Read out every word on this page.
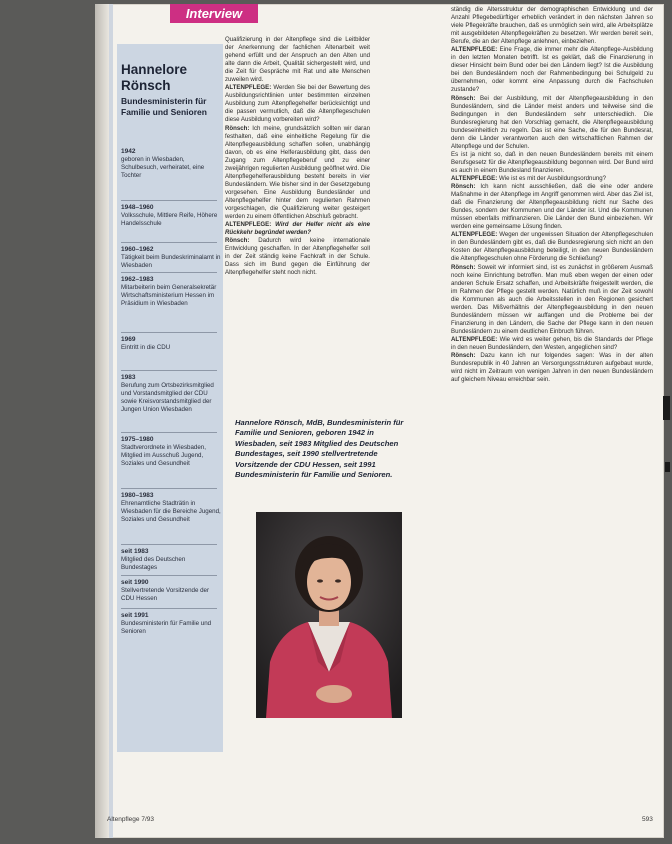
Interview
Hannelore
Rönsch
Bundesministerin für Familie und Senioren
1942
geboren in Wiesbaden, Schulbesuch, verheiratet, eine Tochter
1948–1960
Volksschule, Mittlere Reife, Höhere Handelsschule
1960–1962
Tätigkeit beim Bundeskriminalamt in Wiesbaden
1962–1983
Mitarbeiterin beim Generalsekretär Wirtschaftsministerium Hessen im Präsidium in Wiesbaden
1969
Eintritt in die CDU
1983
Berufung zum Ortsbezirksmitglied und Vorstandsmitglied der CDU sowie Kreisvorstandsmitglied der Jungen Union Wiesbaden
1975–1980
Stadtverordnete in Wiesbaden, Mitglied im Ausschuß Jugend, Soziales und Gesundheit
1980–1983
Ehrenamtliche Stadträtin in Wiesbaden für die Bereiche Jugend, Soziales und Gesundheit
seit 1983
Mitglied des Deutschen Bundestages
seit 1990
Stellvertretende Vorsitzende der CDU Hessen
seit 1991
Bundesministerin für Familie und Senioren

Qualifizierung in der Altenpflege sind die Leitbilder der Anerkennung der fachlichen Altenarbeit weit gehend erfüllt und der Anspruch an den Alten und alte dann die Arbeit, Qualität sichergestellt wird, und die Zeit für Gespräche mit Rat und alte Menschen zuweilen wird.

ALTENPFLEGE: Werden Sie bei der Bewertung des Ausbildungsrichtlinien unter bestimmten einzelnen Ausbildung zum Altenpflegehelfer berücksichtigt und die passen vermutlich, daß die Altenpflegeschulen diese Ausbildung vorbereiten wird?

Rönsch: Ich meine, grundsätzlich sollten wir daran festhalten, daß eine einheitliche Regelung für die Altenpflegeausbildung schaffen sollen, unabhängig davon, ob es eine Helferausbildung gibt, dass den Zugang zum Altenpflegeberuf und zu einer zweijährigen regulierten Ausbildung geöffnet wird. Die Altenpflegehelferausbildung besteht bereits in vier Bundesländern. Wie bisher sind in der Gesetzgebung vorgesehen. Eine Ausbildung Bundesländer und Altenpflegehelfer hinter dem regulierten Rahmen vorgeschlagen, die Qualifizierung weiter gesteigert werden zu einem öffentlichen Abschluß gebracht.

ALTENPFLEGE: Wird der Helfer nicht als eine Rückkehr begründet werden?

Rönsch: Dadurch wird keine internationale Entwicklung geschaffen. In der Altenpflegehelfer soll in der Zeit ständig keine Fachkraft in der Schule. Dass sich im Bund gegen die Einführung der Altenpflegehelfer steht noch nicht.

Hannelore Rönsch, MdB, Bundesministerin für Familie und Senioren, geboren 1942 in Wiesbaden, seit 1983 Mitglied des Deutschen Bundestages, seit 1990 stellvertretende Vorsitzende der CDU Hessen, seit 1991 Bundesministerin für Familie und Senioren.

ständig die Altersstruktur der demographischen Entwicklung und der Anzahl Pflegebedürftiger erheblich verändert in den nächsten Jahren so viele Pflegekräfte brauchen, daß es unmöglich sein wird, alle Arbeitsplätze mit ausgebildeten Altenpflegekräften zu besetzen. Wir werden bereit sein, Berufe, die an der Altenpflege anlehnen, einbeziehen.

ALTENPFLEGE: Eine Frage, die immer mehr die Altenpflege-Ausbildung in den letzten Monaten betrifft. Ist es geklärt, daß die Finanzierung in dieser Hinsicht beim Bund oder bei den Ländern liegt? Ist die Ausbildung bei den Bundesländern noch der Rahmenbedingung bei Schulgeld zu übernehmen, oder kommt eine Anpassung durch die Fachschulen zustande?

Rönsch: Bei der Ausbildung, mit der Altenpflegeausbildung in den Bundesländern, sind die Länder meist anders und teilweise sind die Bedingungen in den Bundesländern sehr unterschiedlich. Die Bundesregierung hat den Vorschlag gemacht, die Altenpflegeausbildung bundeseinheitlich zu regeln. Das ist eine Sache, die für den Bundesrat, denn die Länder verantworten auch den wirtschaftlichen Rahmen der Altenpflege und der Schulen.

Es ist ja nicht so, daß in den neuen Bundesländern bereits mit einem Berufsgesetz für die Altenpflegeausbildung begonnen wird. Der Bund wird es auch in einem Bundesland finanzieren.

ALTENPFLEGE: Wie ist es mit der Ausbildungsordnung?

Rönsch: Ich kann nicht ausschließen, daß die eine oder andere Maßnahme in der Altenpflege im Angriff genommen wird. Aber das Ziel ist, daß die Finanzierung der Altenpflegeausbildung nicht nur Sache des Bundes, sondern der Kommunen und der Länder ist. Und die Kommunen müssen ebenfalls mitfinanzieren. Die Länder den Bund einbeziehen. Wir werden eine gemeinsame Lösung finden.

ALTENPFLEGE: Wegen der ungewissen Situation der Altenpflegeschulen in den Bundesländern gibt es, daß die Bundesregierung sich nicht an den Kosten der Altenpflegeausbildung beteiligt, in den neuen Bundesländern die Altenpflegeschulen ohne Förderung die Schließung?

Rönsch: Soweit wir informiert sind, ist es zunächst in größerem Ausmaß noch keine Einrichtung betroffen. Man muß eben wegen der einen oder anderen Schule Ersatz schaffen, und Arbeitskräfte freigestellt werden, die im Rahmen der Pflege gestellt werden. Natürlich muß in der Zeit sowohl die Kommunen als auch die Arbeitsstellen in den Regionen gesichert werden. Das Mißverhältnis der Altenpflegeausbildung in den neuen Bundesländern müssen wir auffangen und die Probleme bei der Finanzierung in den Ländern, die Sache der Pflege kann in den neuen Bundesländern zu einem deutlichen Einbruch führen.

ALTENPFLEGE: Wie wird es weiter gehen, bis die Standards der Pflege in den neuen Bundesländern, den Westen, angeglichen sind?

Rönsch: Dazu kann ich nur folgendes sagen: Was in der alten Bundesrepublik in 40 Jahren an Versorgungsstrukturen aufgebaut wurde, wird nicht im Zeitraum von wenigen Jahren in den neuen Bundesländern auf gleichem Niveau erreichbar sein.

Altenpflege 7/93	593
